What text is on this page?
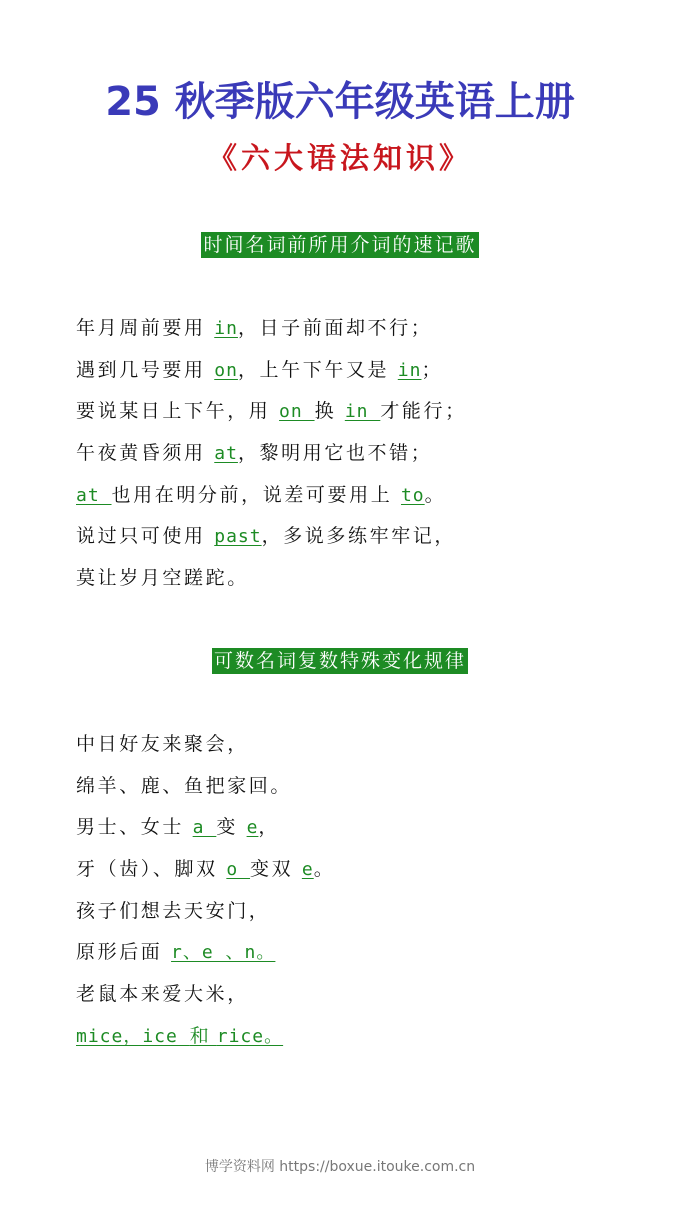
25 秋季版六年级英语上册
《六大语法知识》
时间名词前所用介词的速记歌
年月周前要用 in，日子前面却不行；
遇到几号要用 on，上午下午又是 in；
要说某日上下午，用 on 换 in 才能行；
午夜黄昏须用 at，黎明用它也不错；
at 也用在明分前，说差可要用上 to。
说过只可使用 past，多说多练牢牢记，
莫让岁月空蹉跎。
可数名词复数特殊变化规律
中日好友来聚会，
绵羊、鹿、鱼把家回。
男士、女士 a 变 e，
牙（齿）、脚双 o 变双 e。
孩子们想去天安门，
原形后面 r、e 、n。
老鼠本来爱大米，
mice，ice 和 rice。
博学资料网 https://boxue.itouke.com.cn
